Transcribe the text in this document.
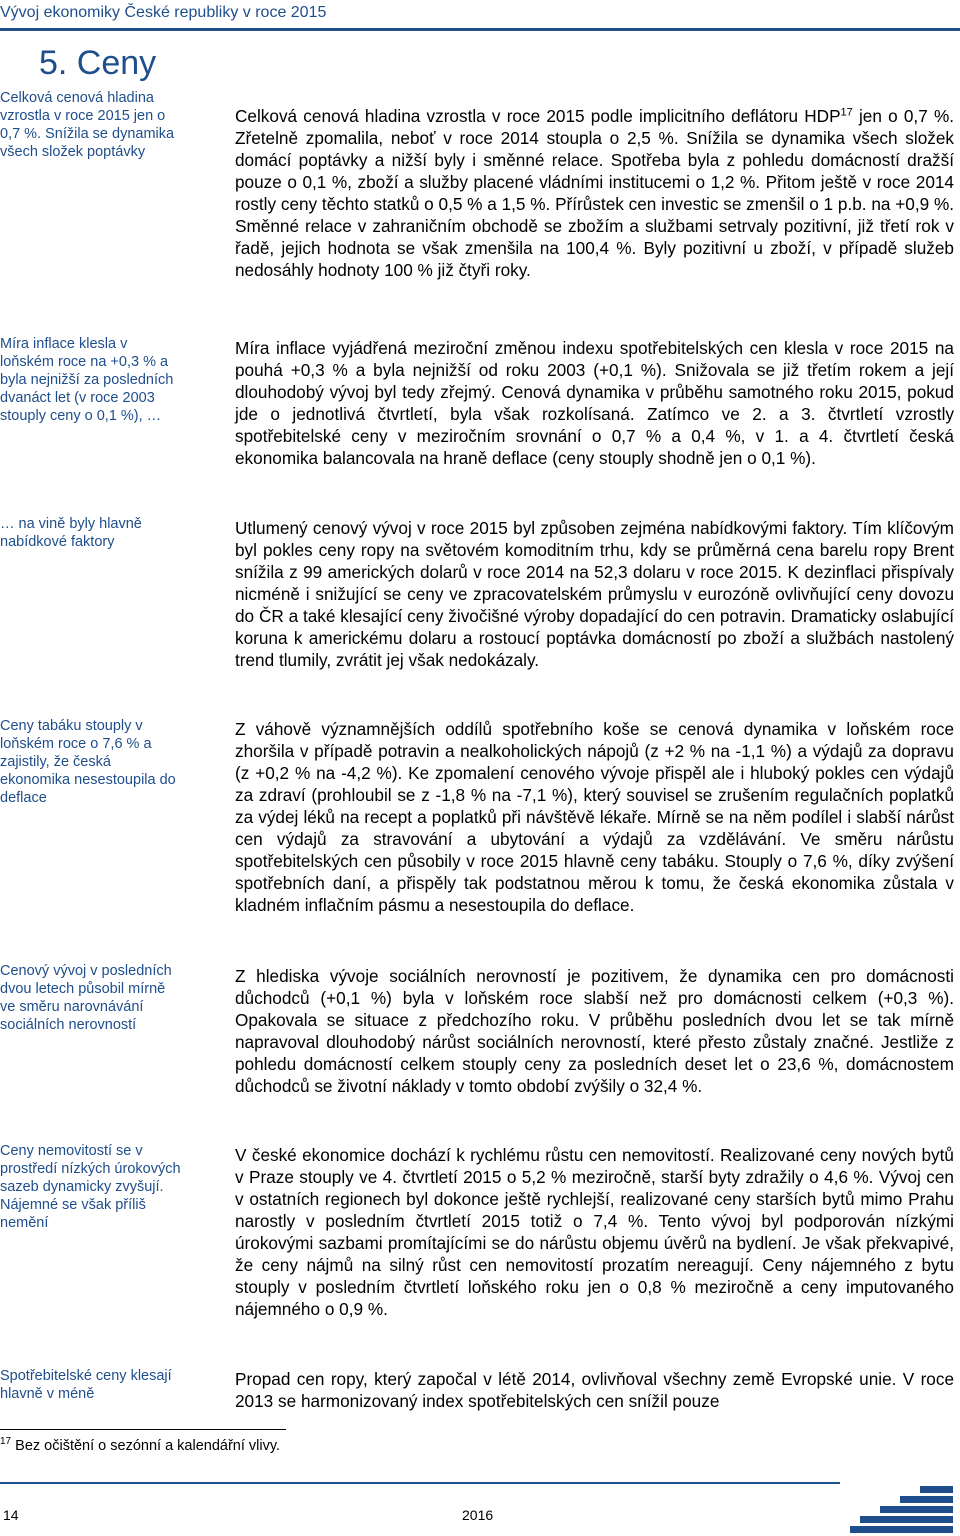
Vývoj ekonomiky České republiky v roce 2015
5. Ceny
Celková cenová hladina vzrostla v roce 2015 jen o 0,7 %. Snížila se dynamika všech složek poptávky
Míra inflace klesla v loňském roce na +0,3 % a byla nejnižší za posledních dvanáct let (v roce 2003 stouply ceny o 0,1 %), …
… na vině byly hlavně nabídkové faktory
Ceny tabáku stouply v loňském roce o 7,6 % a zajistily, že česká ekonomika nesestoupila do deflace
Cenový vývoj v posledních dvou letech působil mírně ve směru narovnávání sociálních nerovností
Ceny nemovitostí se v prostředí nízkých úrokových sazeb dynamicky zvyšují. Nájemné se však příliš nemění
Spotřebitelské ceny klesají hlavně v méně
Celková cenová hladina vzrostla v roce 2015 podle implicitního deflátoru HDP$^{17}$ jen o 0,7 %. Zřetelně zpomalila, neboť v roce 2014 stoupla o 2,5 %. Snížila se dynamika všech složek domácí poptávky a nižší byly i směnné relace. Spotřeba byla z pohledu domácností dražší pouze o 0,1 %, zboží a služby placené vládními institucemi o 1,2 %. Přitom ještě v roce 2014 rostly ceny těchto statků o 0,5 % a 1,5 %. Přírůstek cen investic se zmenšil o 1 p.b. na +0,9 %. Směnné relace v zahraničním obchodě se zbožím a službami setrvaly pozitivní, již třetí rok v řadě, jejich hodnota se však zmenšila na 100,4 %. Byly pozitivní u zboží, v případě služeb nedosáhly hodnoty 100 % již čtyři roky.
Míra inflace vyjádřená meziroční změnou indexu spotřebitelských cen klesla v roce 2015 na pouhá +0,3 % a byla nejnižší od roku 2003 (+0,1 %). Snižovala se již třetím rokem a její dlouhodobý vývoj byl tedy zřejmý. Cenová dynamika v průběhu samotného roku 2015, pokud jde o jednotlivá čtvrtletí, byla však rozkolísaná. Zatímco ve 2. a 3. čtvrtletí vzrostly spotřebitelské ceny v meziročním srovnání o 0,7 % a 0,4 %, v 1. a 4. čtvrtletí česká ekonomika balancovala na hraně deflace (ceny stouply shodně jen o 0,1 %).
Utlumený cenový vývoj v roce 2015 byl způsoben zejména nabídkovými faktory. Tím klíčovým byl pokles ceny ropy na světovém komoditním trhu, kdy se průměrná cena barelu ropy Brent snížila z 99 amerických dolarů v roce 2014 na 52,3 dolaru v roce 2015. K dezinflaci přispívaly nicméně i snižující se ceny ve zpracovatelském průmyslu v eurozóně ovlivňující ceny dovozu do ČR a také klesající ceny živočišné výroby dopadající do cen potravin. Dramaticky oslabující koruna k americkému dolaru a rostoucí poptávka domácností po zboží a službách nastolený trend tlumily, zvrátit jej však nedokázaly.
Z váhově významnějších oddílů spotřebního koše se cenová dynamika v loňském roce zhoršila v případě potravin a nealkoholických nápojů (z +2 % na -1,1 %) a výdajů za dopravu (z +0,2 % na -4,2 %). Ke zpomalení cenového vývoje přispěl ale i hluboký pokles cen výdajů za zdraví (prohloubil se z -1,8 % na -7,1 %), který souvisel se zrušením regulačních poplatků za výdej léků na recept a poplatků při návštěvě lékaře. Mírně se na něm podílel i slabší nárůst cen výdajů za stravování a ubytování a výdajů za vzdělávání. Ve směru nárůstu spotřebitelských cen působily v roce 2015 hlavně ceny tabáku. Stouply o 7,6 %, díky zvýšení spotřebních daní, a přispěly tak podstatnou měrou k tomu, že česká ekonomika zůstala v kladném inflačním pásmu a nesestoupila do deflace.
Z hlediska vývoje sociálních nerovností je pozitivem, že dynamika cen pro domácnosti důchodců (+0,1 %) byla v loňském roce slabší než pro domácnosti celkem (+0,3 %). Opakovala se situace z předchozího roku. V průběhu posledních dvou let se tak mírně napravoval dlouhodobý nárůst sociálních nerovností, které přesto zůstaly značné. Jestliže z pohledu domácností celkem stouply ceny za posledních deset let o 23,6 %, domácnostem důchodců se životní náklady v tomto období zvýšily o 32,4 %.
V české ekonomice dochází k rychlému růstu cen nemovitostí. Realizované ceny nových bytů v Praze stouply ve 4. čtvrtletí 2015 o 5,2 % meziročně, starší byty zdražily o 4,6 %. Vývoj cen v ostatních regionech byl dokonce ještě rychlejší, realizované ceny starších bytů mimo Prahu narostly v posledním čtvrtletí 2015 totiž o 7,4 %. Tento vývoj byl podporován nízkými úrokovými sazbami promítajícími se do nárůstu objemu úvěrů na bydlení. Je však překvapivé, že ceny nájmů na silný růst cen nemovitostí prozatím nereagují. Ceny nájemného z bytu stouply v posledním čtvrtletí loňského roku jen o 0,8 % meziročně a ceny imputovaného nájemného o 0,9 %.
Propad cen ropy, který započal v létě 2014, ovlivňoval všechny země Evropské unie. V roce 2013 se harmonizovaný index spotřebitelských cen snížil pouze
$^{17}$ Bez očištění o sezónní a kalendářní vlivy.
14	2016
